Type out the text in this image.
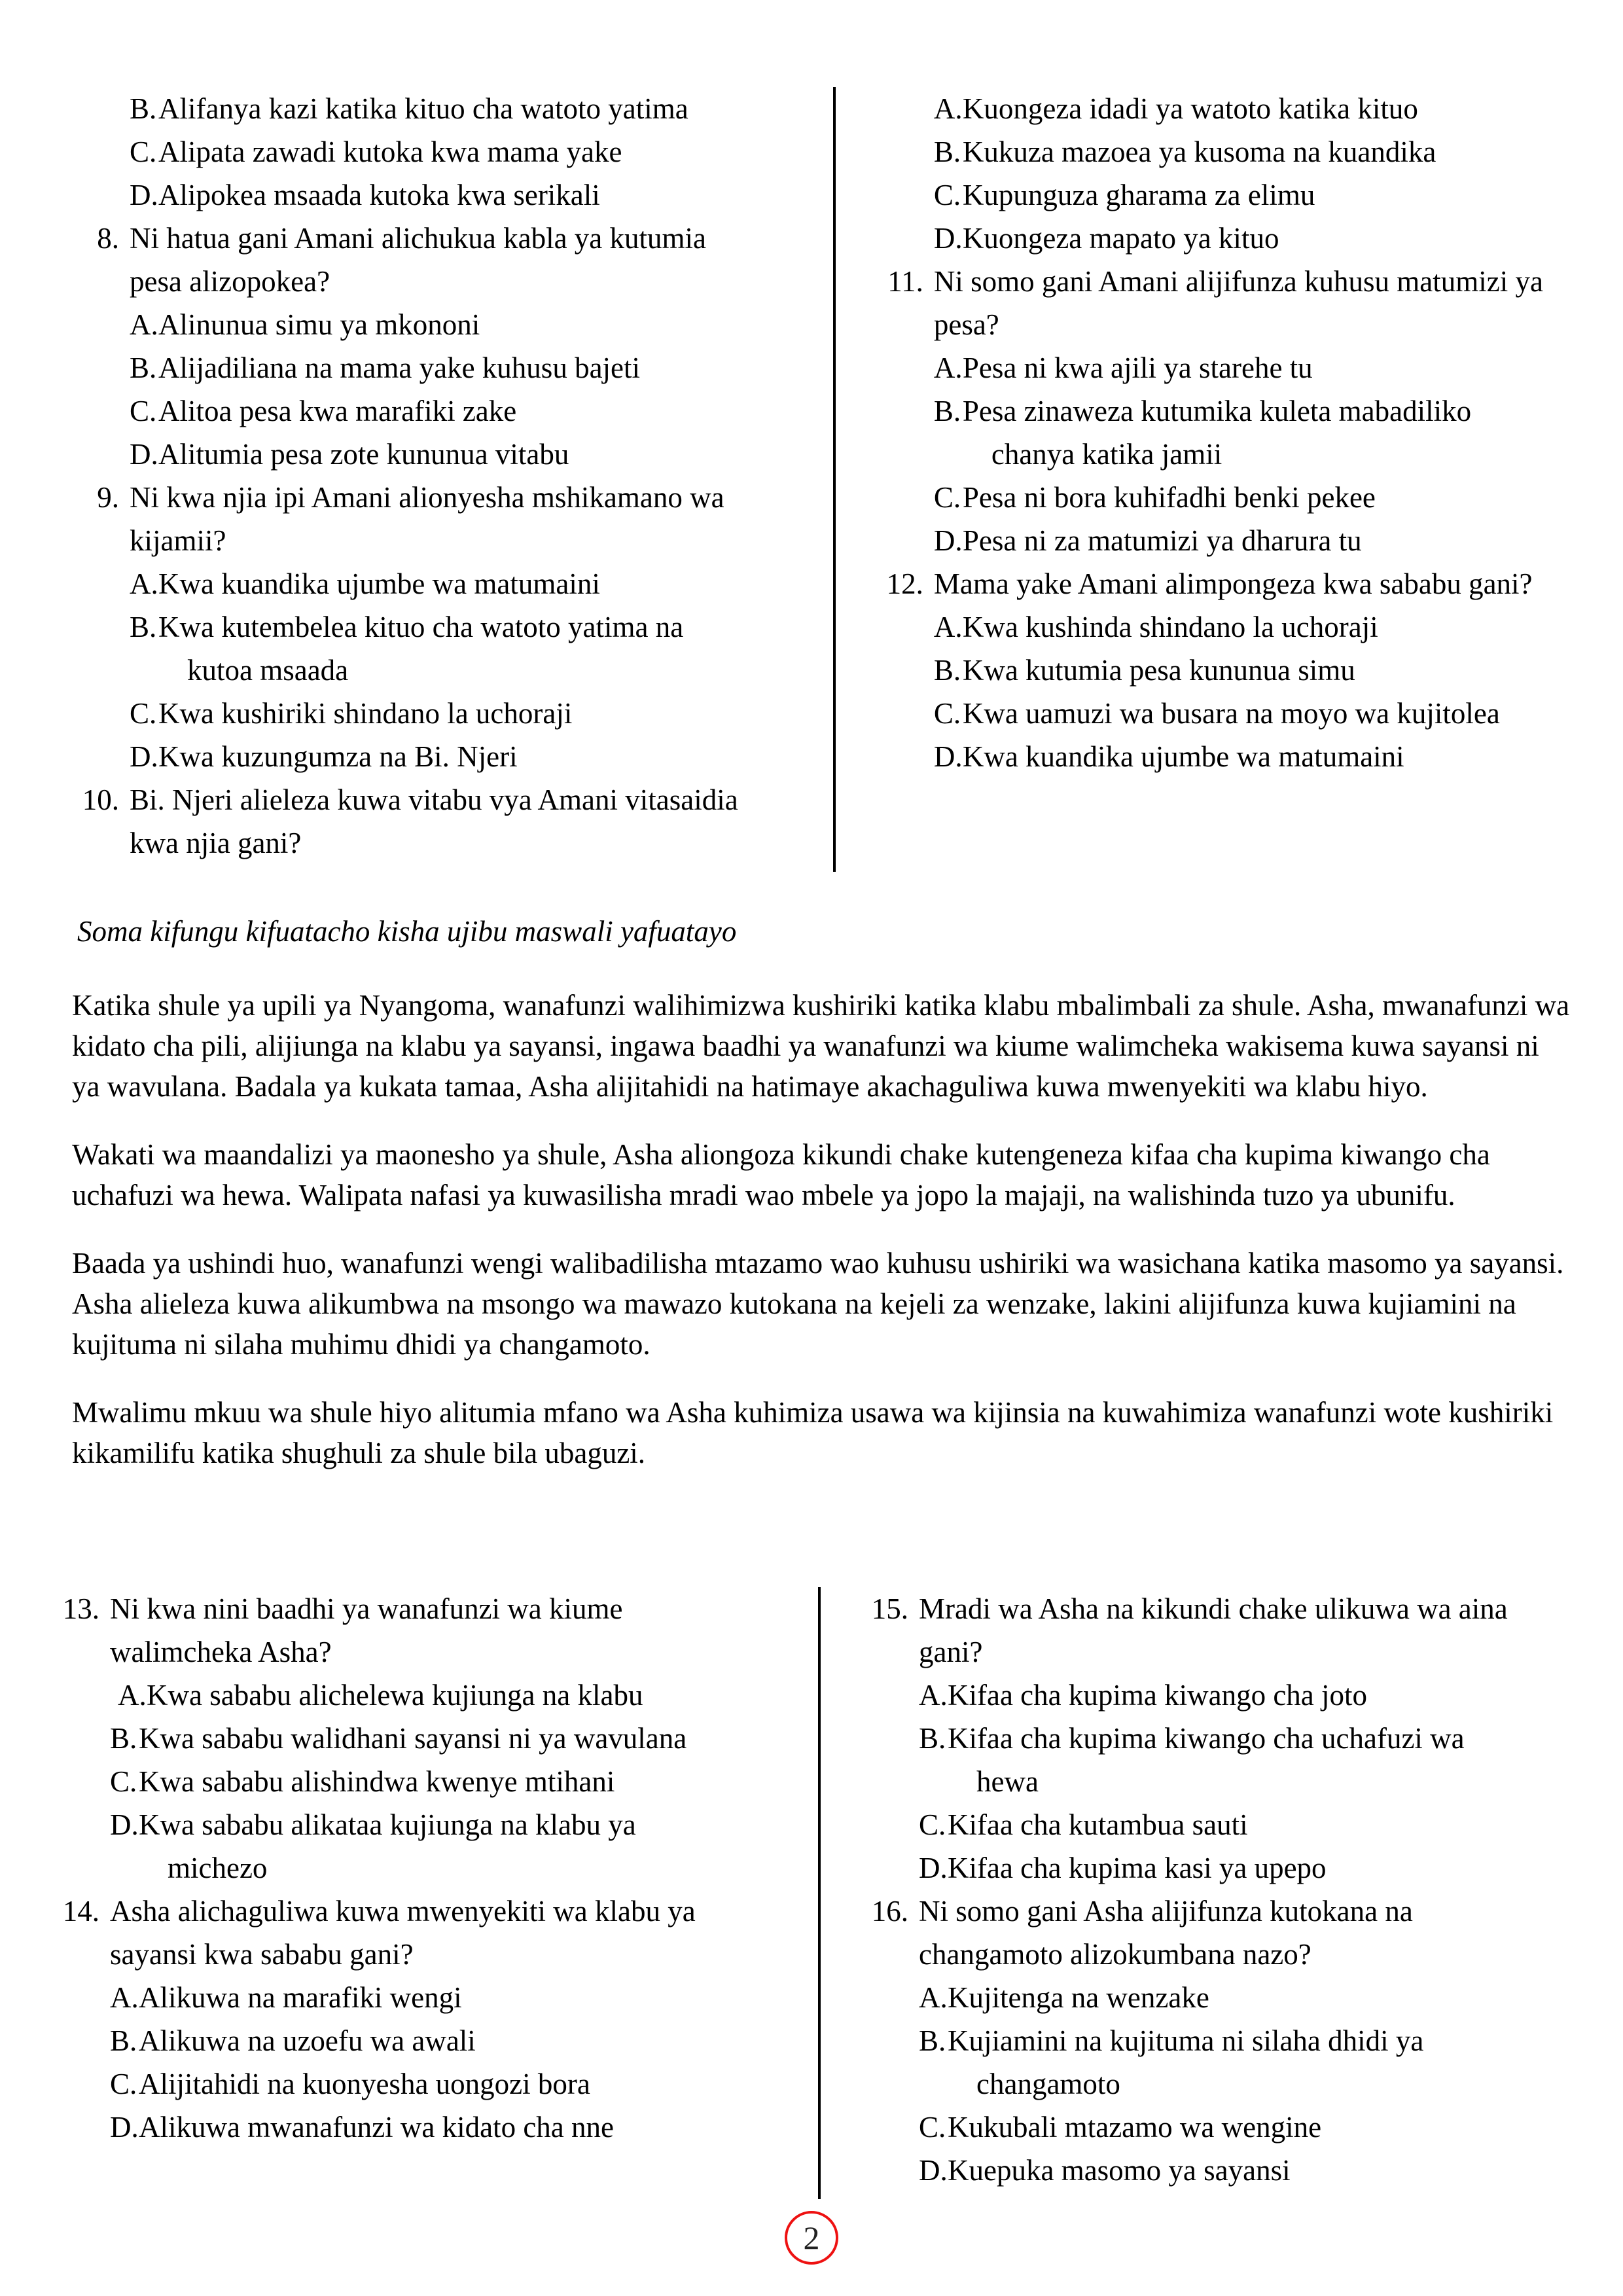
B. Alifanya kazi katika kituo cha watoto yatima
C. Alipata zawadi kutoka kwa mama yake
D. Alipokea msaada kutoka kwa serikali
8. Ni hatua gani Amani alichukua kabla ya kutumia
pesa alizopokea?
A. Alinunua simu ya mkononi
B. Alijadiliana na mama yake kuhusu bajeti
C. Alitoa pesa kwa marafiki zake
D. Alitumia pesa zote kununua vitabu
9. Ni kwa njia ipi Amani alionyesha mshikamano wa
kijamii?
A. Kwa kuandika ujumbe wa matumaini
B. Kwa kutembelea kituo cha watoto yatima na
kutoa msaada
C. Kwa kushiriki shindano la uchoraji
D. Kwa kuzungumza na Bi. Njeri
10. Bi. Njeri alieleza kuwa vitabu vya Amani vitasaidia
kwa njia gani?
A. Kuongeza idadi ya watoto katika kituo
B. Kukuza mazoea ya kusoma na kuandika
C. Kupunguza gharama za elimu
D. Kuongeza mapato ya kituo
11. Ni somo gani Amani alijifunza kuhusu matumizi ya
pesa?
A. Pesa ni kwa ajili ya starehe tu
B. Pesa zinaweza kutumika kuleta mabadiliko
chanya katika jamii
C. Pesa ni bora kuhifadhi benki pekee
D. Pesa ni za matumizi ya dharura tu
12. Mama yake Amani alimpongeza kwa sababu gani?
A. Kwa kushinda shindano la uchoraji
B. Kwa kutumia pesa kununua simu
C. Kwa uamuzi wa busara na moyo wa kujitolea
D. Kwa kuandika ujumbe wa matumaini
Soma kifungu kifuatacho kisha ujibu maswali yafuatayo

Katika shule ya upili ya Nyangoma, wanafunzi walihimizwa kushiriki katika klabu mbalimbali za shule. Asha, mwanafunzi wa kidato cha pili, alijiunga na klabu ya sayansi, ingawa baadhi ya wanafunzi wa kiume walimcheka wakisema kuwa sayansi ni ya wavulana. Badala ya kukata tamaa, Asha alijitahidi na hatimaye akachaguliwa kuwa mwenyekiti wa klabu hiyo.

Wakati wa maandalizi ya maonesho ya shule, Asha aliongoza kikundi chake kutengeneza kifaa cha kupima kiwango cha uchafuzi wa hewa. Walipata nafasi ya kuwasilisha mradi wao mbele ya jopo la majaji, na walishinda tuzo ya ubunifu.

Baada ya ushindi huo, wanafunzi wengi walibadilisha mtazamo wao kuhusu ushiriki wa wasichana katika masomo ya sayansi. Asha alieleza kuwa alikumbwa na msongo wa mawazo kutokana na kejeli za wenzake, lakini alijifunza kuwa kujiamini na kujituma ni silaha muhimu dhidi ya changamoto.

Mwalimu mkuu wa shule hiyo alitumia mfano wa Asha kuhimiza usawa wa kijinsia na kuwahimiza wanafunzi wote kushiriki kikamilifu katika shughuli za shule bila ubaguzi.

13. Ni kwa nini baadhi ya wanafunzi wa kiume
walimcheka Asha?
A. Kwa sababu alichelewa kujiunga na klabu
B. Kwa sababu walidhani sayansi ni ya wavulana
C. Kwa sababu alishindwa kwenye mtihani
D. Kwa sababu alikataa kujiunga na klabu ya
michezo
14. Asha alichaguliwa kuwa mwenyekiti wa klabu ya
sayansi kwa sababu gani?
A. Alikuwa na marafiki wengi
B. Alikuwa na uzoefu wa awali
C. Alijitahidi na kuonyesha uongozi bora
D. Alikuwa mwanafunzi wa kidato cha nne
15. Mradi wa Asha na kikundi chake ulikuwa wa aina
gani?
A. Kifaa cha kupima kiwango cha joto
B. Kifaa cha kupima kiwango cha uchafuzi wa
hewa
C. Kifaa cha kutambua sauti
D. Kifaa cha kupima kasi ya upepo
16. Ni somo gani Asha alijifunza kutokana na
changamoto alizokumbana nazo?
A. Kujitenga na wenzake
B. Kujiamini na kujituma ni silaha dhidi ya
changamoto
C. Kukubali mtazamo wa wengine
D. Kuepuka masomo ya sayansi
2
